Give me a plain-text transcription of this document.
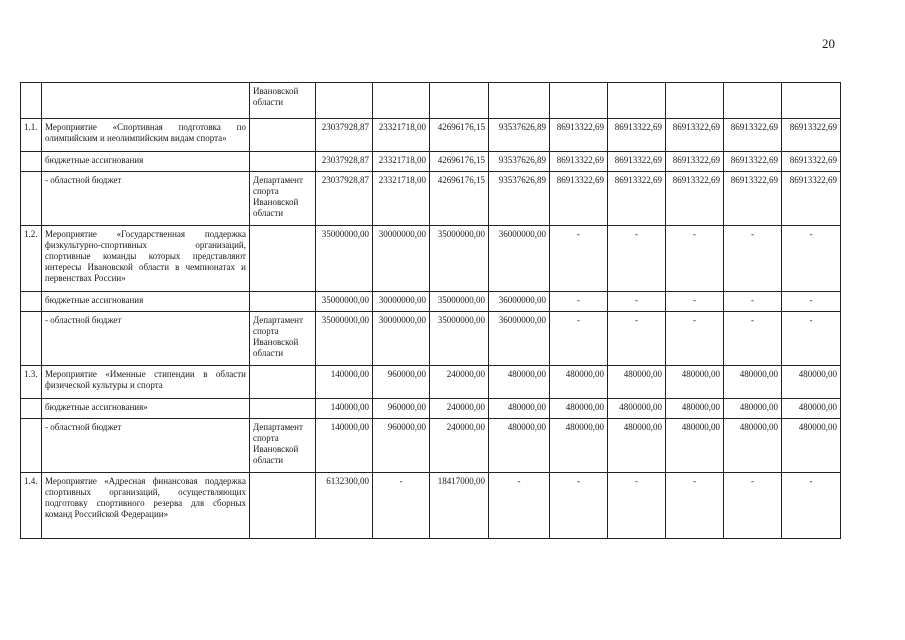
20
		Ивановской области									
1.1.	Мероприятие «Спортивная подготовка по олимпийским и неолимпийским видам спорта»		23037928,87	23321718,00	42696176,15	93537626,89	86913322,69	86913322,69	86913322,69	86913322,69	86913322,69
	бюджетные ассигнования		23037928,87	23321718,00	42696176,15	93537626,89	86913322,69	86913322,69	86913322,69	86913322,69	86913322,69
	- областной бюджет	Департамент спорта Ивановской области	23037928,87	23321718,00	42696176,15	93537626,89	86913322,69	86913322,69	86913322,69	86913322,69	86913322,69
1.2.	Мероприятие «Государственная поддержка физкультурно-спортивных организаций, спортивные команды которых представляют интересы Ивановской области в чемпионатах и первенствах России»		35000000,00	30000000,00	35000000,00	36000000,00	-	-	-	-	-
	бюджетные ассигнования		35000000,00	30000000,00	35000000,00	36000000,00	-	-	-	-	-
	- областной бюджет	Департамент спорта Ивановской области	35000000,00	30000000,00	35000000,00	36000000,00	-	-	-	-	-
1.3.	Мероприятие «Именные стипендии в области физической культуры и спорта		140000,00	960000,00	240000,00	480000,00	480000,00	480000,00	480000,00	480000,00	480000,00
	бюджетные ассигнования»		140000,00	960000,00	240000,00	480000,00	480000,00	4800000,00	480000,00	480000,00	480000,00
	- областной бюджет	Департамент спорта Ивановской области	140000,00	960000,00	240000,00	480000,00	480000,00	480000,00	480000,00	480000,00	480000,00
1.4.	Мероприятие «Адресная финансовая поддержка спортивных организаций, осуществляющих подготовку спортивного резерва для сборных команд Российской Федерации»		6132300,00	-	18417000,00	-	-	-	-	-	-
